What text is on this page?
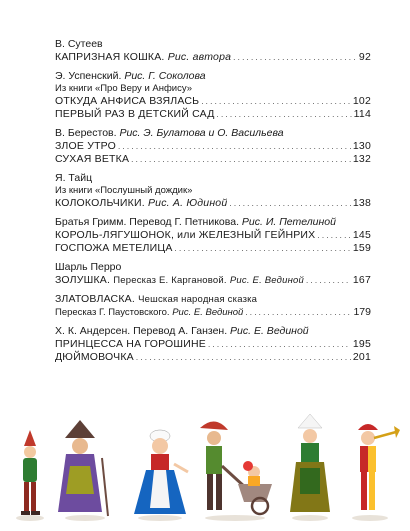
В. Сутеев
КАПРИЗНАЯ КОШКА. Рис. автора . . .	92
Э. Успенский. Рис. Г. Соколова
Из книги «Про Веру и Анфису»
ОТКУДА АНФИСА ВЗЯЛАСЬ . . .	102
ПЕРВЫЙ РАЗ В ДЕТСКИЙ САД . . .	114
В. Берестов. Рис. Э. Булатова и О. Васильева
ЗЛОЕ УТРО . . .	130
СУХАЯ ВЕТКА . . .	132
Я. Тайц
Из книги «Послушный дождик»
КОЛОКОЛЬЧИКИ. Рис. А. Юдиной . . .	138
Братья Гримм. Перевод Г. Петникова. Рис. И. Петелиной
КОРОЛЬ-ЛЯГУШОНОК, или ЖЕЛЕЗНЫЙ ГЕЙНРИХ . . .	145
ГОСПОЖА МЕТЕЛИЦА . . .	159
Шарль Перро
ЗОЛУШКА. Пересказ Е. Каргановой. Рис. Е. Вединой . . .	167
ЗЛАТОВЛАСКА. Чешская народная сказка
Пересказ Г. Паустовского. Рис. Е. Вединой . . .	179
Х. К. Андерсен. Перевод А. Ганзен. Рис. Е. Вединой
ПРИНЦЕССА НА ГОРОШИНЕ . . .	195
ДЮЙМОВОЧКА . . .	201
